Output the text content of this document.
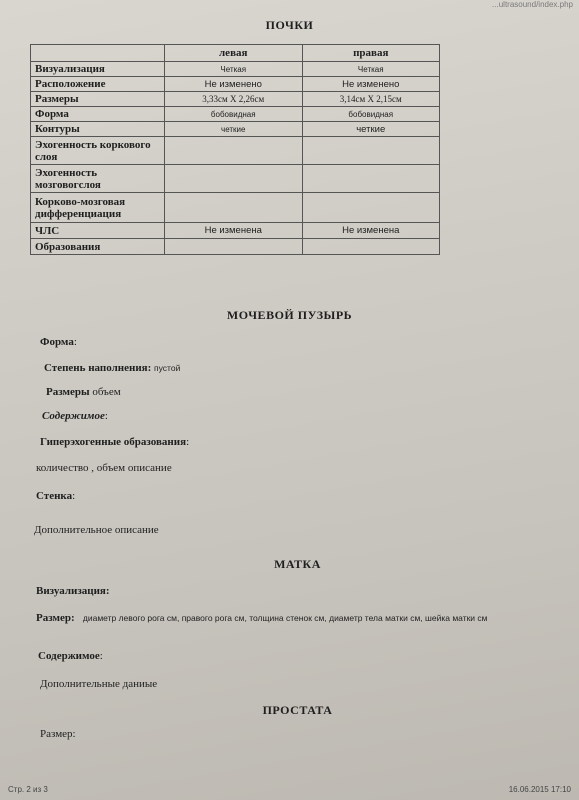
...ultrasound/index.php
ПОЧКИ
	левая	правая
Визуализация	Четкая	Четкая
Расположение	Не изменено	Не изменено
Размеры	3,33см Х 2,26см	3,14см Х 2,15см
Форма	бобовидная	бобовидная
Контуры	четкие	четкие
Эхогенность коркового слоя		
Эхогенность мозговогслоя		
Корково-мозговая дифференциация		
ЧЛС	Не изменена	Не изменена
Образования		
МОЧЕВОЙ ПУЗЫРЬ
Форма:
Степень наполнения: пустой
Размеры объем
Содержимое:
Гиперэхогенные образования:
количество , объем описание
Стенка:
Дополнительное описание
МАТКА
Визуализация:
Размер: диаметр левого рога см, правого рога см, толщина стенок см, диаметр тела матки см, шейка матки см
Содержимое:
Дополнительные даниые
ПРОСТАТА
Размер:
Стр. 2 из 3	16.06.2015 17:10
